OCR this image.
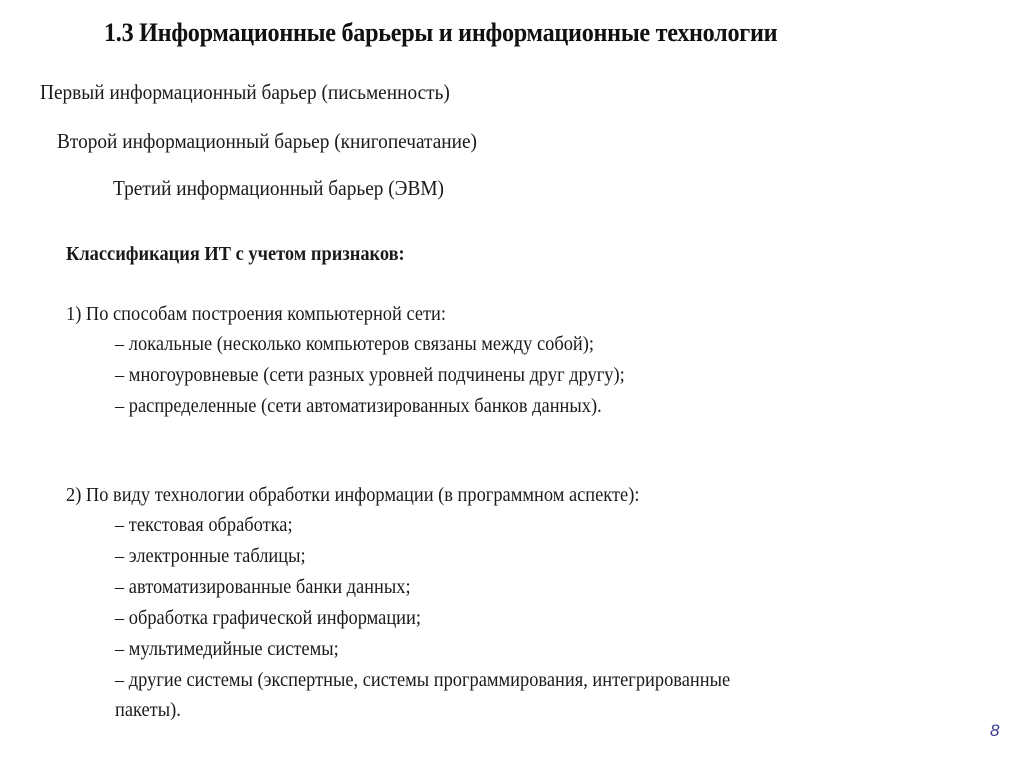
1.3 Информационные барьеры и информационные технологии
Первый информационный барьер (письменность)
Второй информационный барьер (книгопечатание)
Третий информационный барьер (ЭВМ)
Классификация ИТ с учетом признаков:
1) По способам построения компьютерной сети:
– локальные (несколько компьютеров связаны между собой);
– многоуровневые (сети разных уровней подчинены друг другу);
– распределенные (сети автоматизированных банков данных).
2) По виду технологии обработки информации (в программном аспекте):
– текстовая обработка;
– электронные таблицы;
– автоматизированные банки данных;
– обработка графической информации;
– мультимедийные системы;
– другие системы (экспертные, системы программирования, интегрированные
пакеты).
8
